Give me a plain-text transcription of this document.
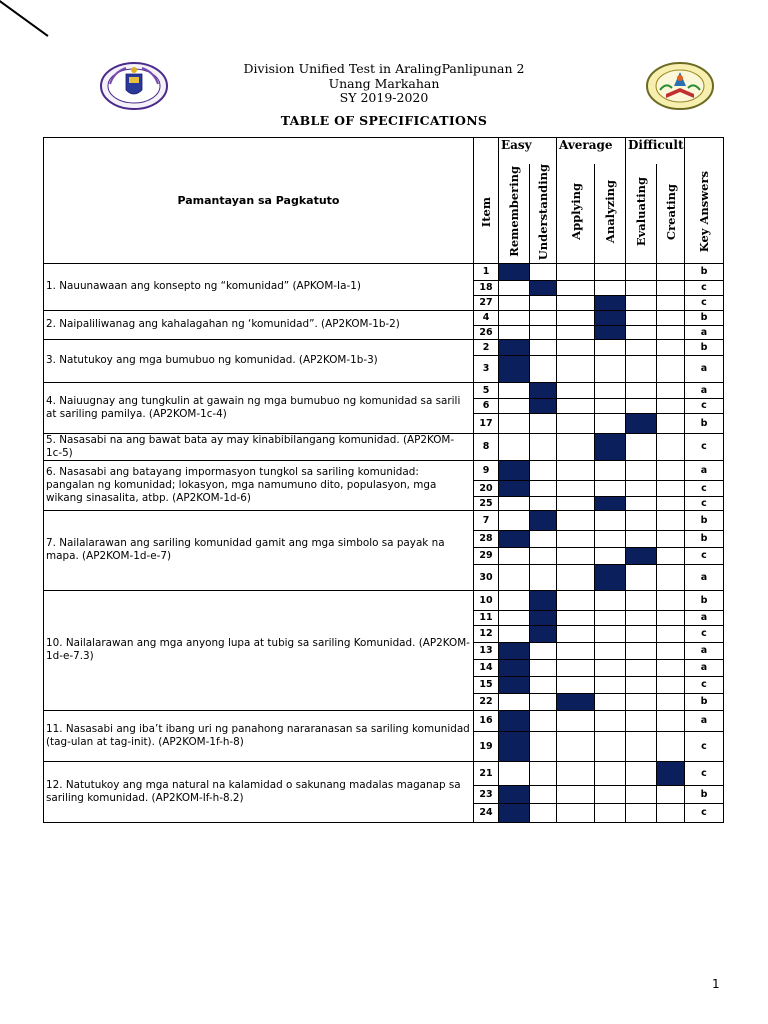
Division Unified Test in AralingPanlipunan 2
Unang Markahan
SY 2019-2020
TABLE OF SPECIFICATIONS
Pamantayan sa Pagkatuto		Easy		Average		Difficult		
	Item	Remembering	Understanding	Applying	Analyzing	Evaluating	Creating	Key Answers
1. Nauunawaan ang konsepto ng “komunidad” (APKOM-Ia-1)	1							b
	18							c
	27							c
2. Naipaliliwanag ang kahalagahan ng ‘komunidad”. (AP2KOM-1b-2)	4							b
	26							a
3. Natutukoy ang mga bumubuo ng komunidad. (AP2KOM-1b-3)	2							b
	3							a
4. Naiuugnay ang tungkulin at gawain ng mga bumubuo ng komunidad sa sarili at sariling pamilya. (AP2KOM-1c-4)	5							a
	6							c
	17							b
5. Nasasabi na ang bawat bata ay may kinabibilangang komunidad. (AP2KOM-1c-5)	8							c
6. Nasasabi ang batayang impormasyon tungkol sa sariling komunidad: pangalan ng komunidad; lokasyon, mga namumuno dito, populasyon, mga wikang sinasalita, atbp. (AP2KOM-1d-6)	9							a
	20							c
	25							c
7. Nailalarawan ang sariling komunidad gamit ang mga simbolo sa payak na mapa. (AP2KOM-1d-e-7)	7							b
	28							b
	29							c
	30							a
10. Nailalarawan ang mga anyong lupa at tubig sa sariling Komunidad. (AP2KOM-1d-e-7.3)	10							b
	11							a
	12							c
	13							a
	14							a
	15							c
	22							b
11. Nasasabi ang iba’t ibang uri ng panahong nararanasan sa sariling komunidad (tag-ulan at tag-init). (AP2KOM-1f-h-8)	16							a
	19							c
12. Natutukoy ang mga natural na kalamidad o sakunang madalas maganap sa sariling komunidad. (AP2KOM-If-h-8.2)	21							c
	23							b
	24							c
1
